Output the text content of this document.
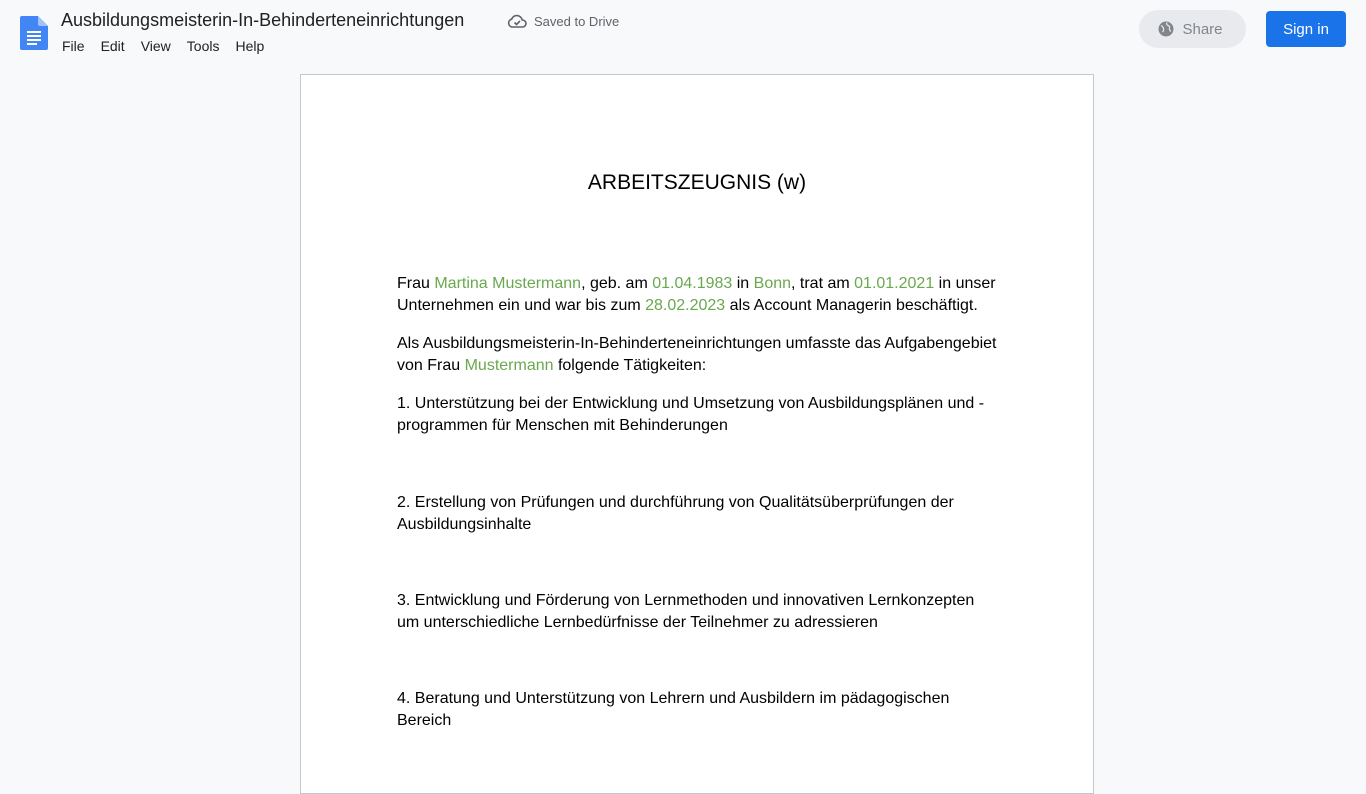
Ausbildungsmeisterin-In-Behinderteneinrichtungen	Saved to Drive
File	Edit	View	Tools	Help
Share	Sign in
ARBEITSZEUGNIS (w)

Frau Martina Mustermann, geb. am 01.04.1983 in Bonn, trat am 01.01.2021 in unser Unternehmen ein und war bis zum 28.02.2023 als Account Managerin beschäftigt.

Als Ausbildungsmeisterin-In-Behinderteneinrichtungen umfasste das Aufgabengebiet von Frau Mustermann folgende Tätigkeiten:

1. Unterstützung bei der Entwicklung und Umsetzung von Ausbildungsplänen und -programmen für Menschen mit Behinderungen

2. Erstellung von Prüfungen und durchführung von Qualitätsüberprüfungen der Ausbildungsinhalte

3. Entwicklung und Förderung von Lernmethoden und innovativen Lernkonzepten um unterschiedliche Lernbedürfnisse der Teilnehmer zu adressieren

4. Beratung und Unterstützung von Lehrern und Ausbildern im pädagogischen Bereich
